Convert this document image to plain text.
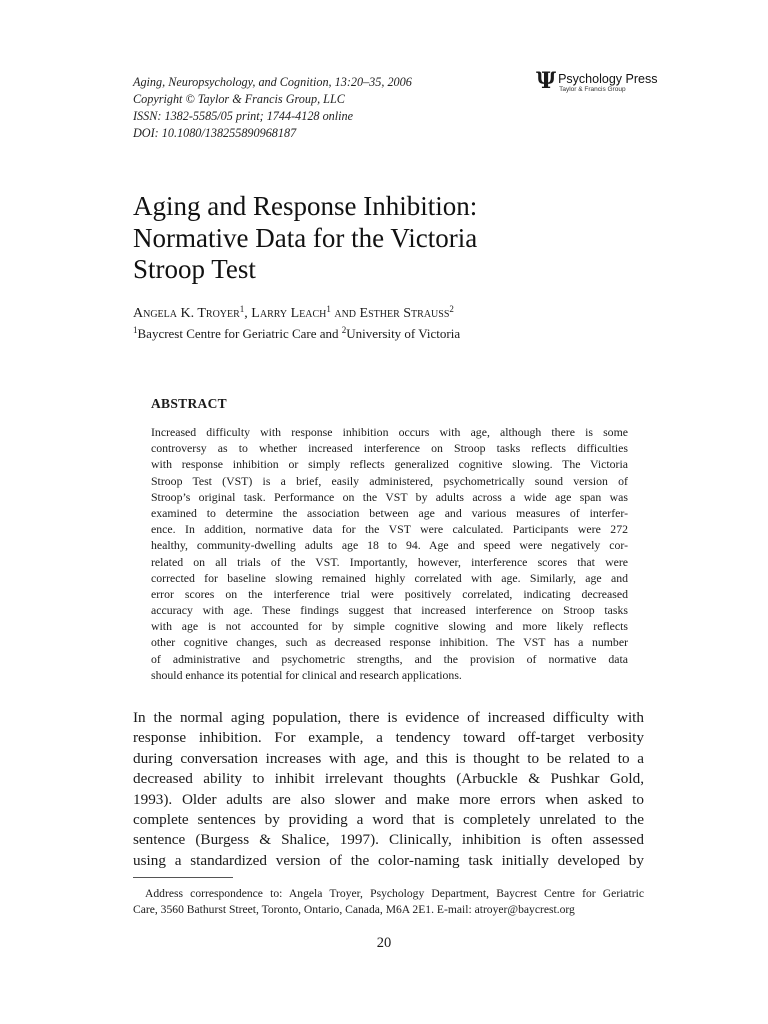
Aging, Neuropsychology, and Cognition, 13:20–35, 2006
Copyright © Taylor & Francis Group, LLC
ISSN: 1382-5585/05 print; 1744-4128 online
DOI: 10.1080/138255890968187
Ψ Psychology Press
Taylor & Francis Group
Aging and Response Inhibition:
Normative Data for the Victoria
Stroop Test
Angela K. Troyer$^1$, Larry Leach$^1$ and Esther Strauss$^2$
$^1$Baycrest Centre for Geriatric Care and $^2$University of Victoria
ABSTRACT
Increased difficulty with response inhibition occurs with age, although there is some
controversy as to whether increased interference on Stroop tasks reflects difficulties
with response inhibition or simply reflects generalized cognitive slowing. The Victoria
Stroop Test (VST) is a brief, easily administered, psychometrically sound version of
Stroop’s original task. Performance on the VST by adults across a wide age span was
examined to determine the association between age and various measures of interfer-
ence. In addition, normative data for the VST were calculated. Participants were 272
healthy, community-dwelling adults age 18 to 94. Age and speed were negatively cor-
related on all trials of the VST. Importantly, however, interference scores that were
corrected for baseline slowing remained highly correlated with age. Similarly, age and
error scores on the interference trial were positively correlated, indicating decreased
accuracy with age. These findings suggest that increased interference on Stroop tasks
with age is not accounted for by simple cognitive slowing and more likely reflects
other cognitive changes, such as decreased response inhibition. The VST has a number
of administrative and psychometric strengths, and the provision of normative data
should enhance its potential for clinical and research applications.
In the normal aging population, there is evidence of increased difficulty with
response inhibition. For example, a tendency toward off-target verbosity
during conversation increases with age, and this is thought to be related to a
decreased ability to inhibit irrelevant thoughts (Arbuckle & Pushkar Gold,
1993). Older adults are also slower and make more errors when asked to
complete sentences by providing a word that is completely unrelated to the
sentence (Burgess & Shalice, 1997). Clinically, inhibition is often assessed
using a standardized version of the color-naming task initially developed by
Address correspondence to: Angela Troyer, Psychology Department, Baycrest Centre for Geriatric
Care, 3560 Bathurst Street, Toronto, Ontario, Canada, M6A 2E1. E-mail: atroyer@baycrest.org
20
